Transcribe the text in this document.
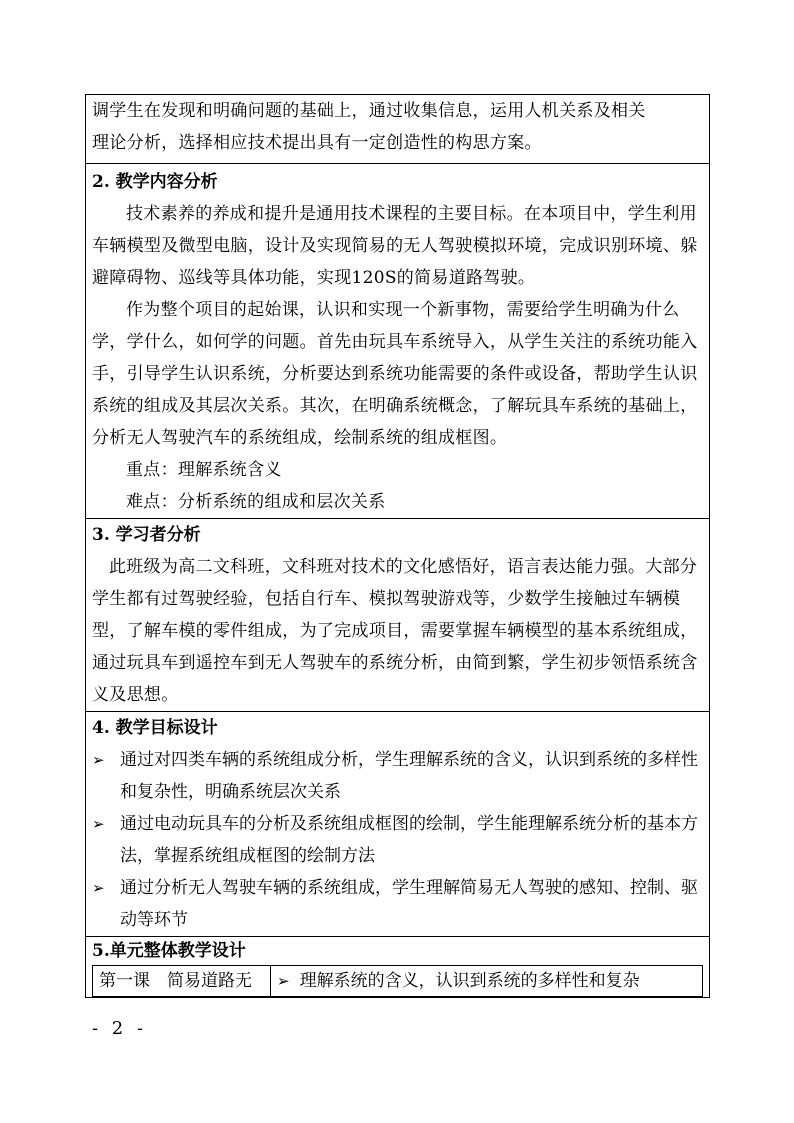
调学生在发现和明确问题的基础上，通过收集信息，运用人机关系及相关

理论分析，选择相应技术提出具有一定创造性的构思方案。

2. 教学内容分析

技术素养的养成和提升是通用技术课程的主要目标。在本项目中，学生利用车辆模型及微型电脑，设计及实现简易的无人驾驶模拟环境，完成识别环境、躲避障碍物、巡线等具体功能，实现120S的简易道路驾驶。

作为整个项目的起始课，认识和实现一个新事物，需要给学生明确为什么学，学什么，如何学的问题。首先由玩具车系统导入，从学生关注的系统功能入手，引导学生认识系统，分析要达到系统功能需要的条件或设备，帮助学生认识系统的组成及其层次关系。其次，在明确系统概念，了解玩具车系统的基础上，分析无人驾驶汽车的系统组成，绘制系统的组成框图。

重点：理解系统含义

难点：分析系统的组成和层次关系

3. 学习者分析

此班级为高二文科班，文科班对技术的文化感悟好，语言表达能力强。大部分学生都有过驾驶经验，包括自行车、模拟驾驶游戏等，少数学生接触过车辆模型，了解车模的零件组成，为了完成项目，需要掌握车辆模型的基本系统组成，通过玩具车到遥控车到无人驾驶车的系统分析，由简到繁，学生初步领悟系统含义及思想。

4. 教学目标设计

➢ 通过对四类车辆的系统组成分析，学生理解系统的含义，认识到系统的多样性和复杂性，明确系统层次关系
➢ 通过电动玩具车的分析及系统组成框图的绘制，学生能理解系统分析的基本方法，掌握系统组成框图的绘制方法
➢ 通过分析无人驾驶车辆的系统组成，学生理解简易无人驾驶的感知、控制、驱动等环节

5.单元整体教学设计

第一课　简易道路无	➢ 理解系统的含义，认识到系统的多样性和复杂
- 2 -
